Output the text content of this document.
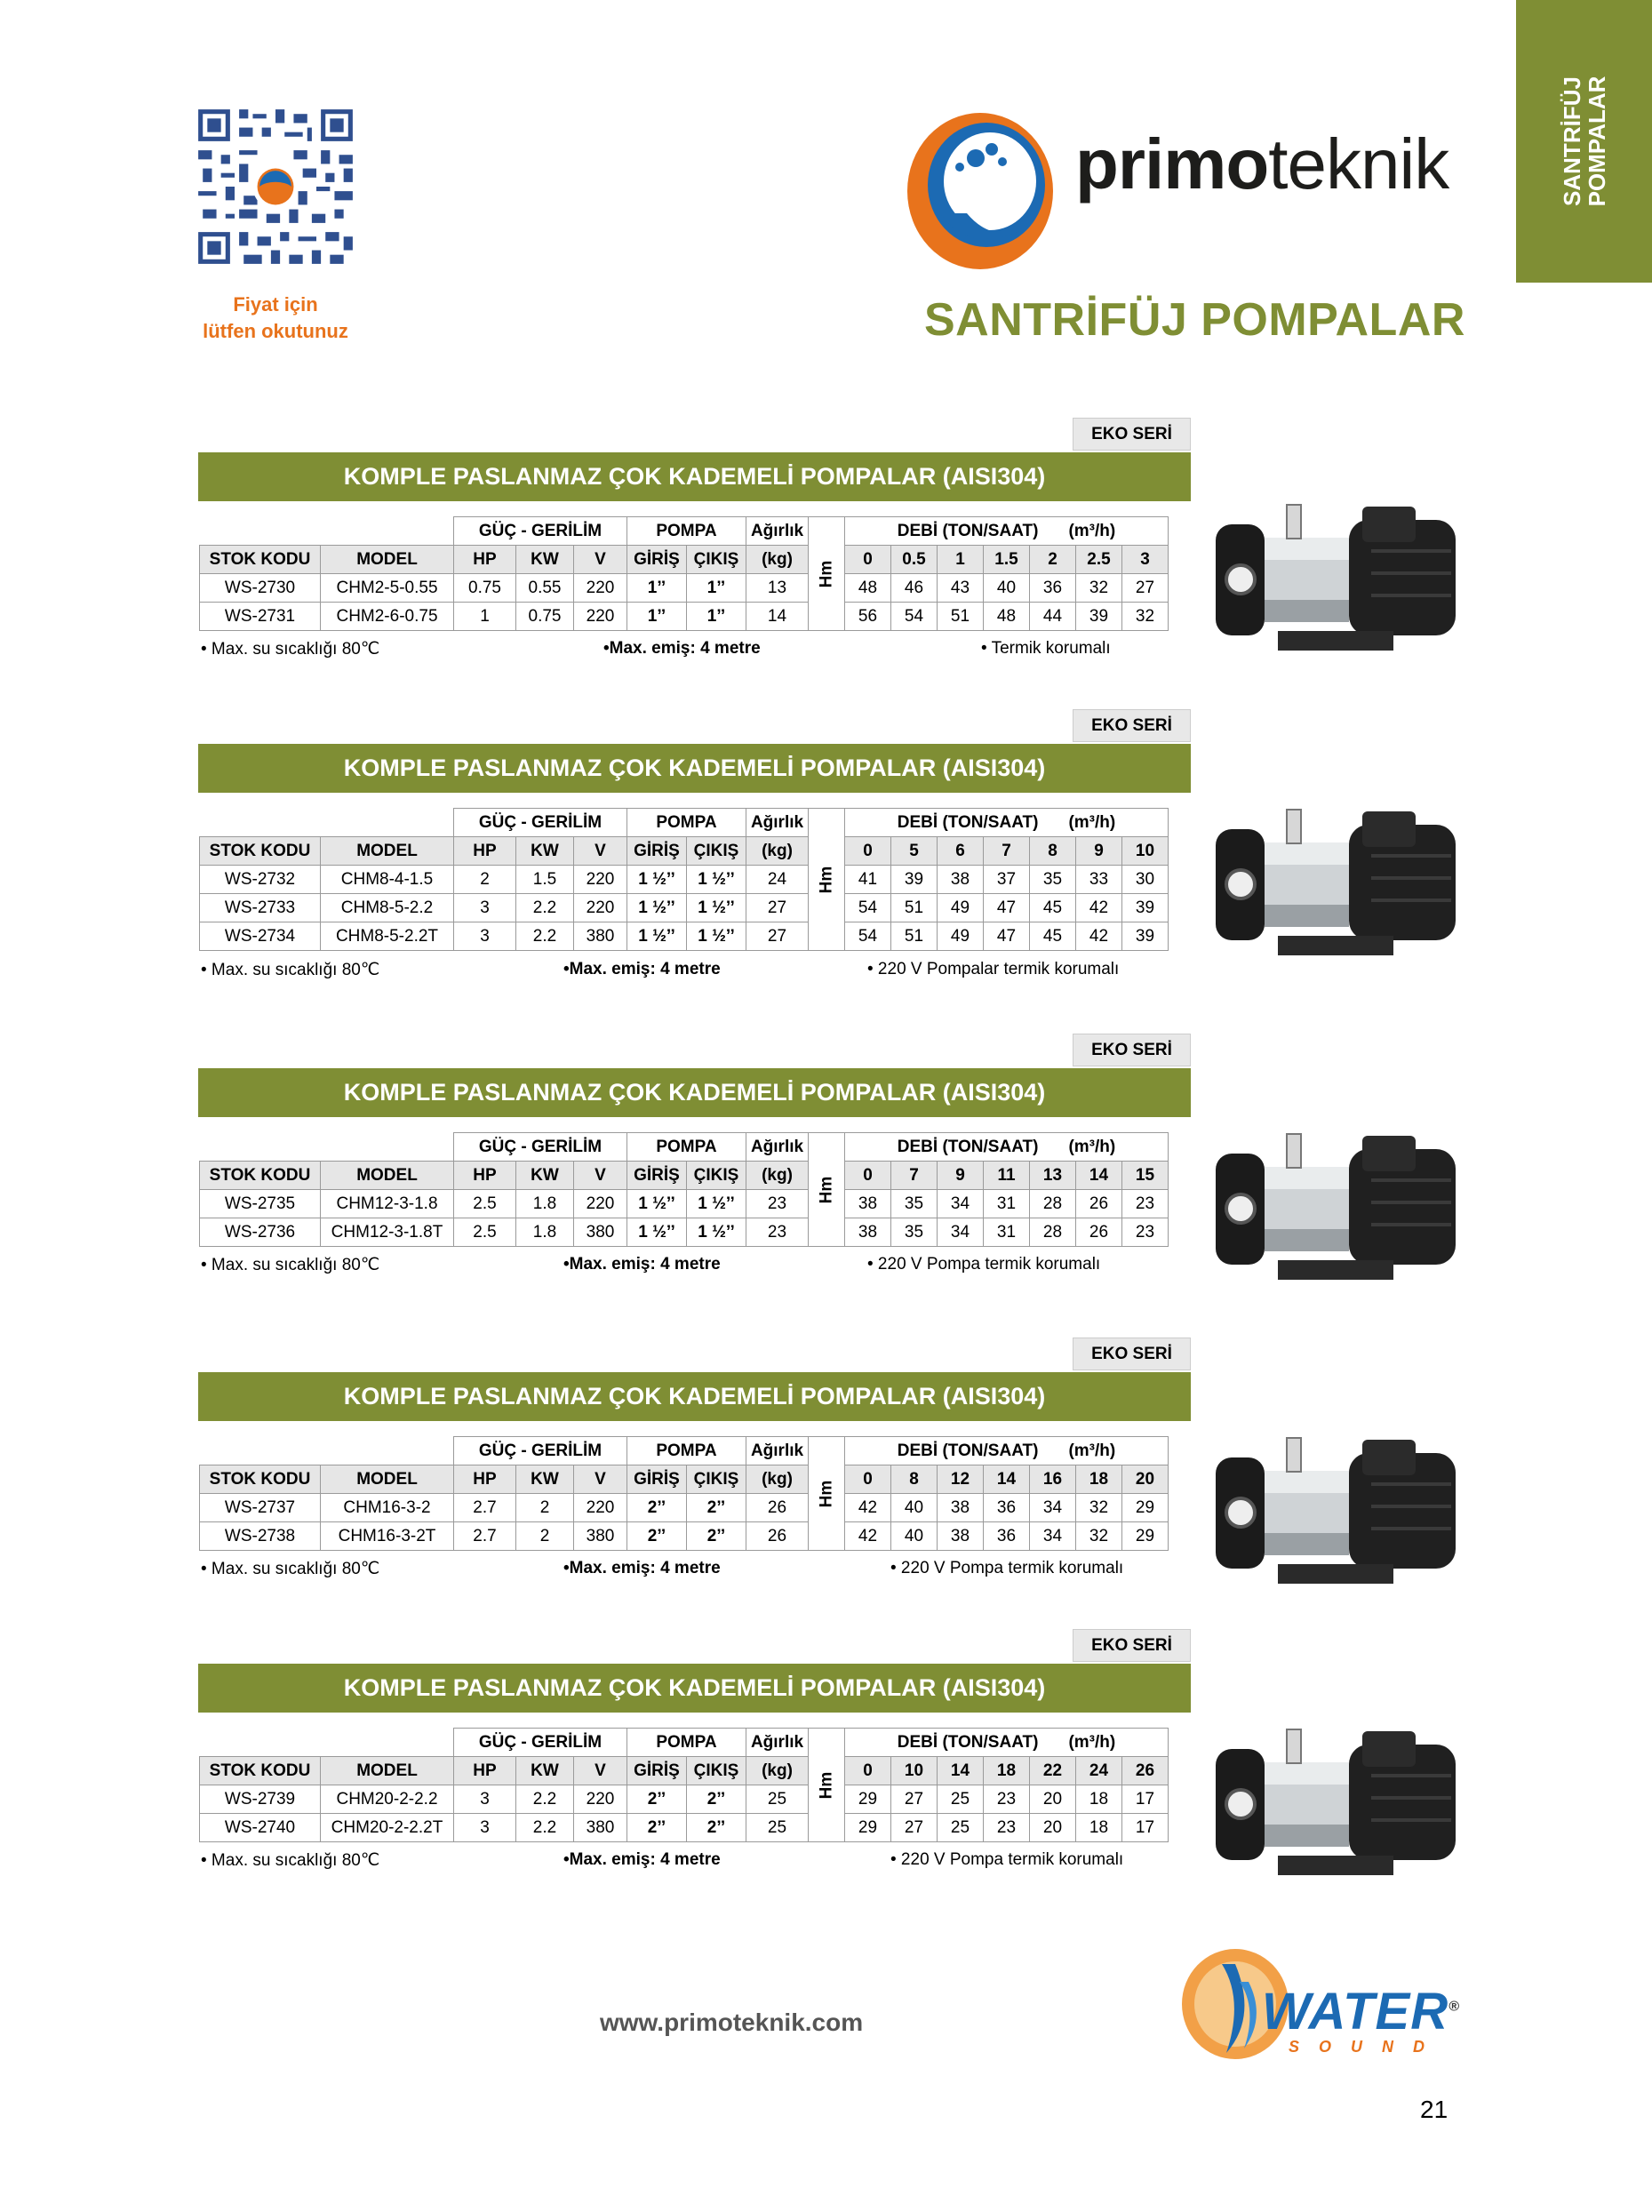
SANTRİFÜJ
POMPALAR
Fiyat için
lütfen okutunuz
primoteknik
SANTRİFÜJ POMPALAR
EKO SERİ
KOMPLE PASLANMAZ ÇOK KADEMELİ POMPALAR (AISI304)
		GÜÇ - GERİLİM			POMPA		Ağırlık	Hm	DEBİ (TON/SAAT) (m³/h)						
STOK KODU	MODEL	HP	KW	V	GİRİŞ	ÇIKIŞ	(kg)		0	0.5	1	1.5	2	2.5	3
WS-2730	CHM2-5-0.55	0.75	0.55	220	1’’	1’’	13		48	46	43	40	36	32	27
WS-2731	CHM2-6-0.75	1	0.75	220	1’’	1’’	14		56	54	51	48	44	39	32
• Max. su sıcaklığı 80℃	•Max. emiş: 4 metre	• Termik korumalı
EKO SERİ
KOMPLE PASLANMAZ ÇOK KADEMELİ POMPALAR (AISI304)
		GÜÇ - GERİLİM			POMPA		Ağırlık	Hm	DEBİ (TON/SAAT) (m³/h)						
STOK KODU	MODEL	HP	KW	V	GİRİŞ	ÇIKIŞ	(kg)		0	5	6	7	8	9	10
WS-2732	CHM8-4-1.5	2	1.5	220	1 ½’’	1 ½’’	24		41	39	38	37	35	33	30
WS-2733	CHM8-5-2.2	3	2.2	220	1 ½’’	1 ½’’	27		54	51	49	47	45	42	39
WS-2734	CHM8-5-2.2T	3	2.2	380	1 ½’’	1 ½’’	27		54	51	49	47	45	42	39
• Max. su sıcaklığı 80℃	•Max. emiş: 4 metre	• 220 V Pompalar termik korumalı
EKO SERİ
KOMPLE PASLANMAZ ÇOK KADEMELİ POMPALAR (AISI304)
		GÜÇ - GERİLİM			POMPA		Ağırlık	Hm	DEBİ (TON/SAAT) (m³/h)						
STOK KODU	MODEL	HP	KW	V	GİRİŞ	ÇIKIŞ	(kg)		0	7	9	11	13	14	15
WS-2735	CHM12-3-1.8	2.5	1.8	220	1 ½’’	1 ½’’	23		38	35	34	31	28	26	23
WS-2736	CHM12-3-1.8T	2.5	1.8	380	1 ½’’	1 ½’’	23		38	35	34	31	28	26	23
• Max. su sıcaklığı 80℃	•Max. emiş: 4 metre	• 220 V Pompa termik korumalı
EKO SERİ
KOMPLE PASLANMAZ ÇOK KADEMELİ POMPALAR (AISI304)
		GÜÇ - GERİLİM			POMPA		Ağırlık	Hm	DEBİ (TON/SAAT) (m³/h)						
STOK KODU	MODEL	HP	KW	V	GİRİŞ	ÇIKIŞ	(kg)		0	8	12	14	16	18	20
WS-2737	CHM16-3-2	2.7	2	220	2’’	2’’	26		42	40	38	36	34	32	29
WS-2738	CHM16-3-2T	2.7	2	380	2’’	2’’	26		42	40	38	36	34	32	29
• Max. su sıcaklığı 80℃	•Max. emiş: 4 metre	• 220 V Pompa termik korumalı
EKO SERİ
KOMPLE PASLANMAZ ÇOK KADEMELİ POMPALAR (AISI304)
		GÜÇ - GERİLİM			POMPA		Ağırlık	Hm	DEBİ (TON/SAAT) (m³/h)						
STOK KODU	MODEL	HP	KW	V	GİRİŞ	ÇIKIŞ	(kg)		0	10	14	18	22	24	26
WS-2739	CHM20-2-2.2	3	2.2	220	2’’	2’’	25		29	27	25	23	20	18	17
WS-2740	CHM20-2-2.2T	3	2.2	380	2’’	2’’	25		29	27	25	23	20	18	17
• Max. su sıcaklığı 80℃	•Max. emiş: 4 metre	• 220 V Pompa termik korumalı
www.primoteknik.com	WATER®
SOUND
21
